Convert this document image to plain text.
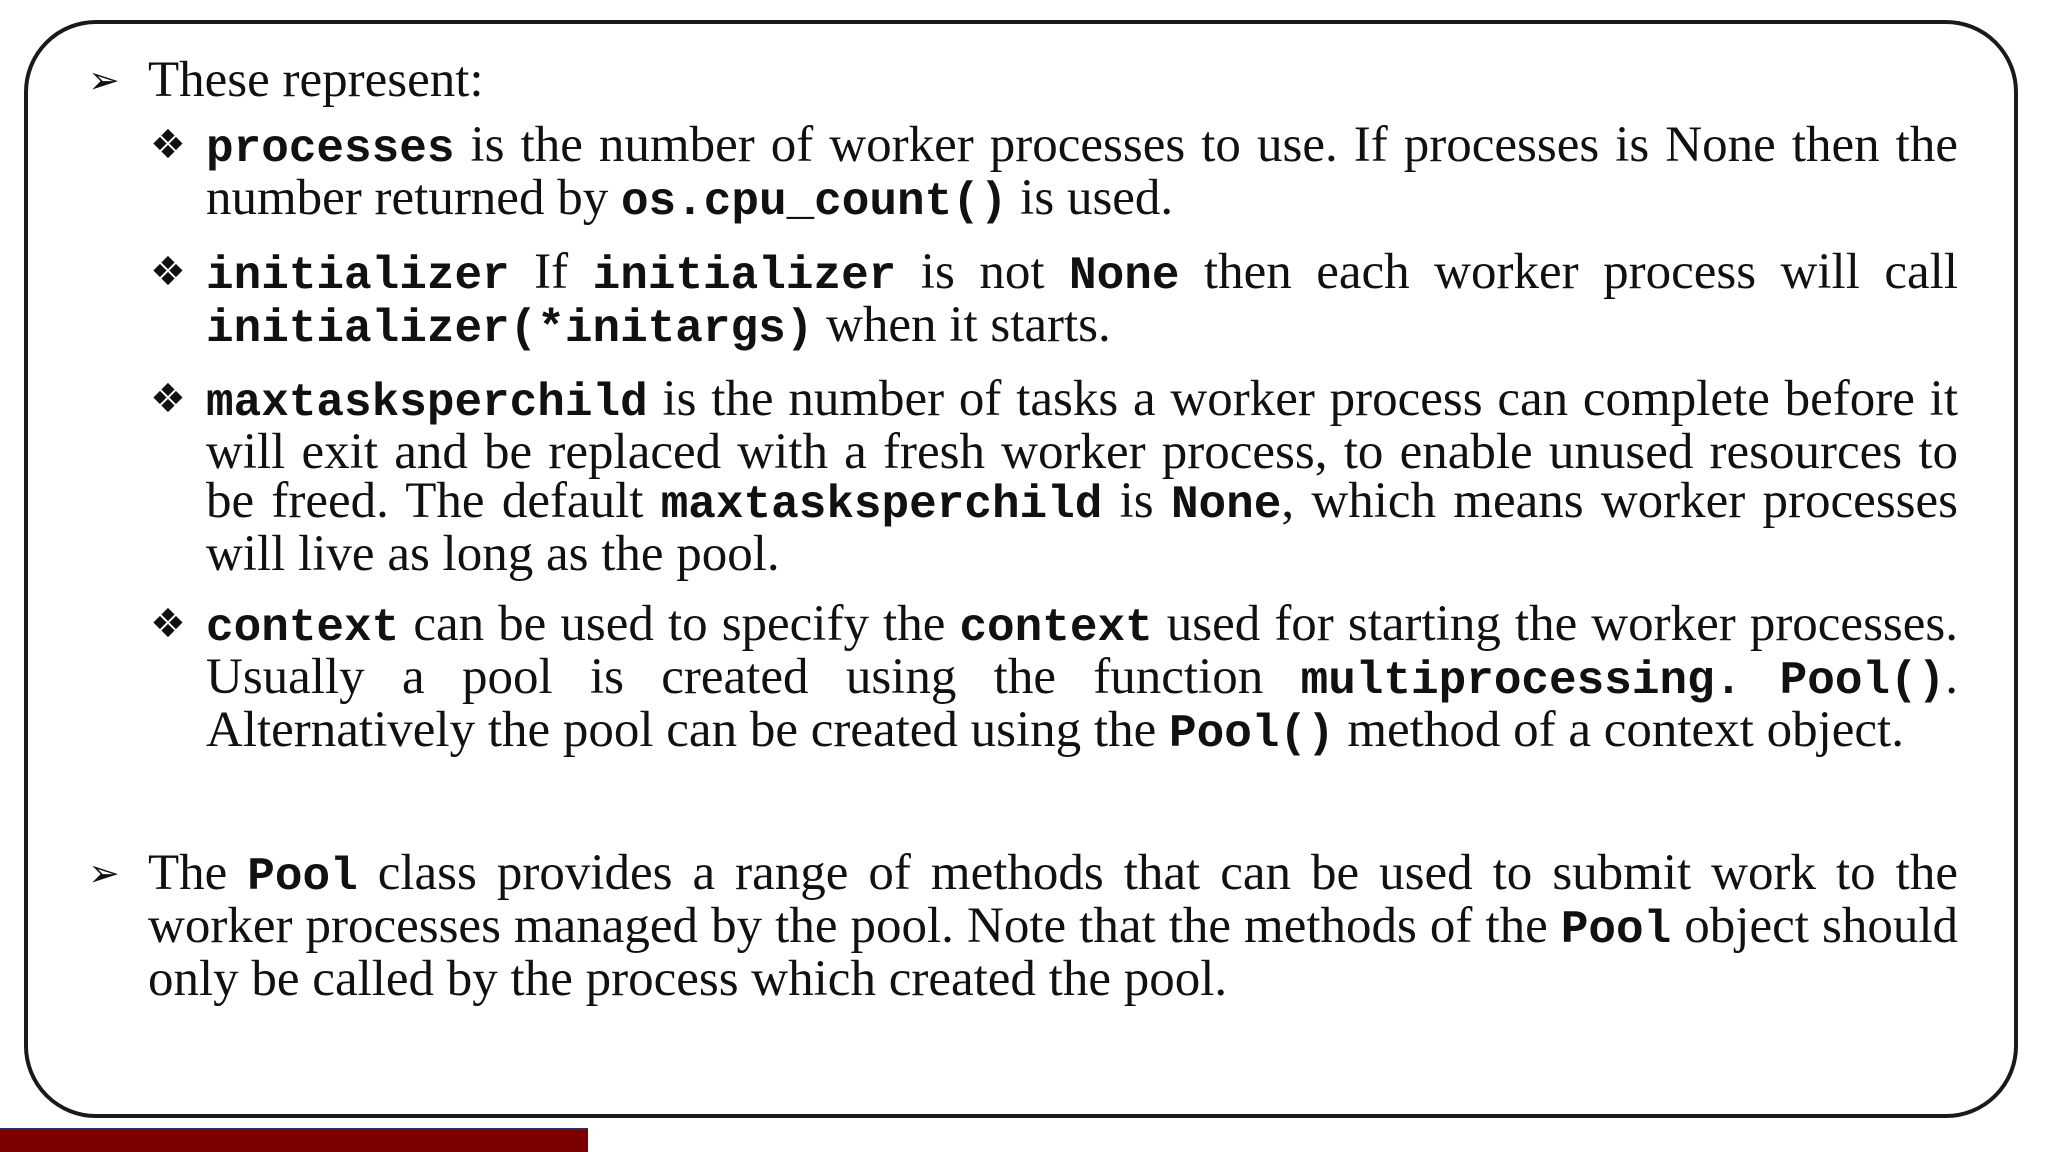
➢ These represent:
❖ processes is the number of worker processes to use. If processes is None then the number returned by os.cpu_count() is used.
❖ initializer If initializer is not None then each worker process will call initializer(*initargs) when it starts.
❖ maxtasksperchild is the number of tasks a worker process can complete before it will exit and be replaced with a fresh worker process, to enable unused resources to be freed. The default maxtasksperchild is None, which means worker processes will live as long as the pool.
❖ context can be used to specify the context used for starting the worker processes. Usually a pool is created using the function multiprocessing. Pool(). Alternatively the pool can be created using the Pool() method of a context object.
➢ The Pool class provides a range of methods that can be used to submit work to the worker processes managed by the pool. Note that the methods of the Pool object should only be called by the process which created the pool.
